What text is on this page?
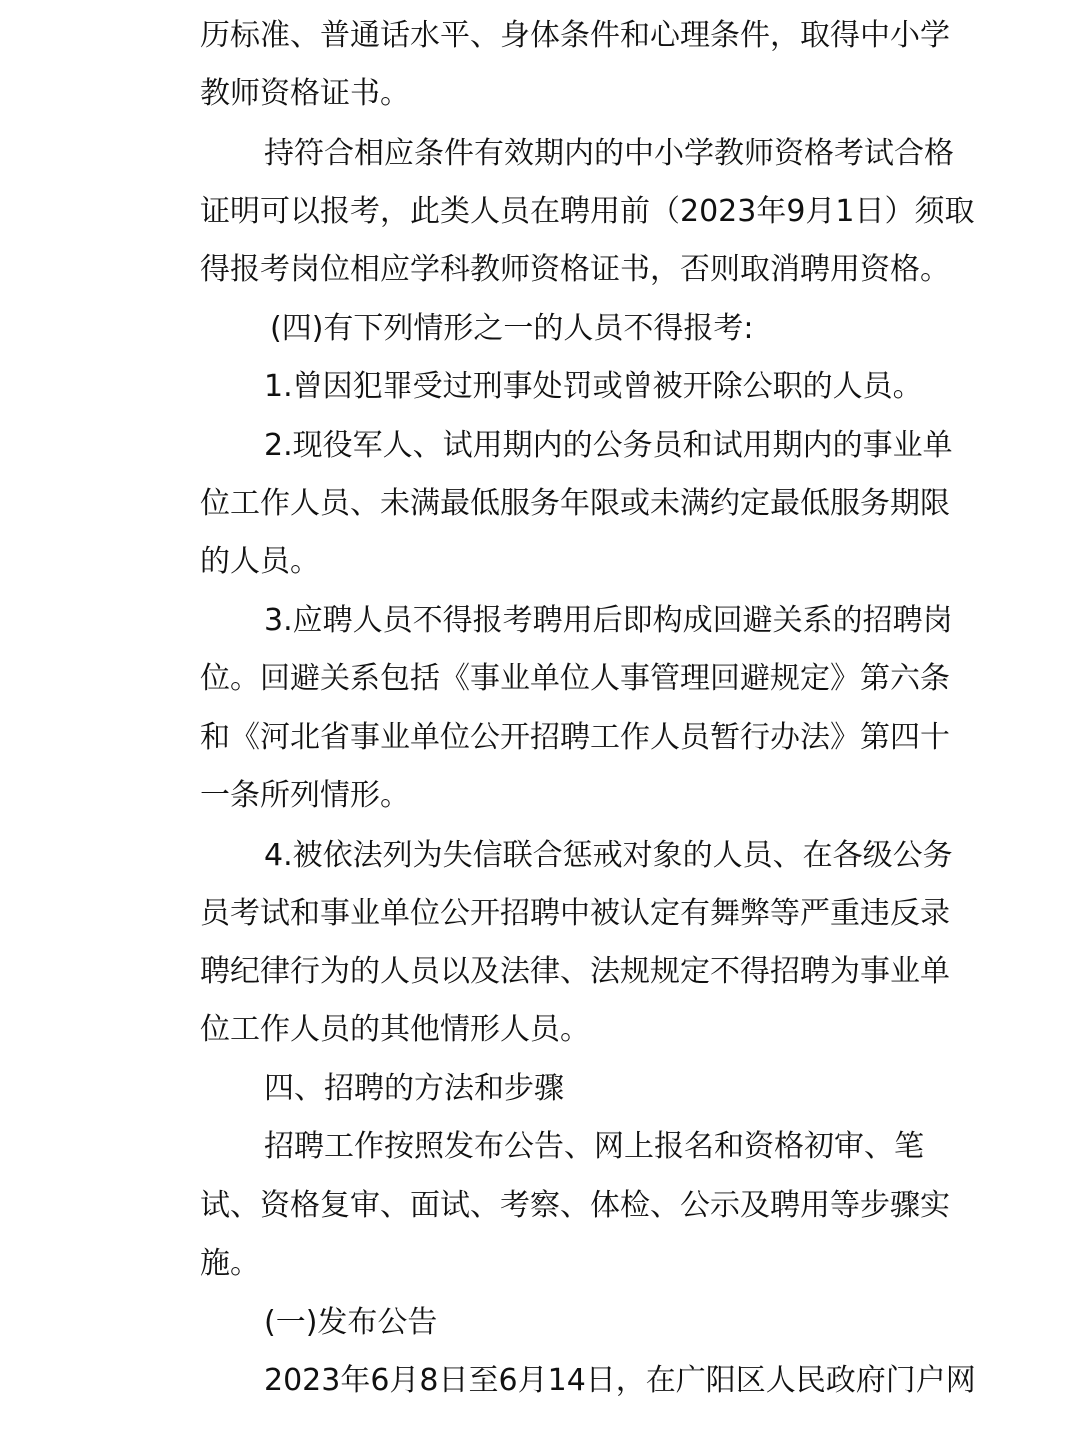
历标准、普通话水平、身体条件和心理条件，取得中小学
教师资格证书。
持符合相应条件有效期内的中小学教师资格考试合格
证明可以报考，此类人员在聘用前（2023年9月1日）须取
得报考岗位相应学科教师资格证书，否则取消聘用资格。
(四)有下列情形之一的人员不得报考:
1.曾因犯罪受过刑事处罚或曾被开除公职的人员。
2.现役军人、试用期内的公务员和试用期内的事业单
位工作人员、未满最低服务年限或未满约定最低服务期限
的人员。
3.应聘人员不得报考聘用后即构成回避关系的招聘岗
位。回避关系包括《事业单位人事管理回避规定》第六条
和《河北省事业单位公开招聘工作人员暂行办法》第四十
一条所列情形。
4.被依法列为失信联合惩戒对象的人员、在各级公务
员考试和事业单位公开招聘中被认定有舞弊等严重违反录
聘纪律行为的人员以及法律、法规规定不得招聘为事业单
位工作人员的其他情形人员。
四、招聘的方法和步骤
招聘工作按照发布公告、网上报名和资格初审、笔
试、资格复审、面试、考察、体检、公示及聘用等步骤实
施。
(一)发布公告
2023年6月8日至6月14日，在广阳区人民政府门户网
